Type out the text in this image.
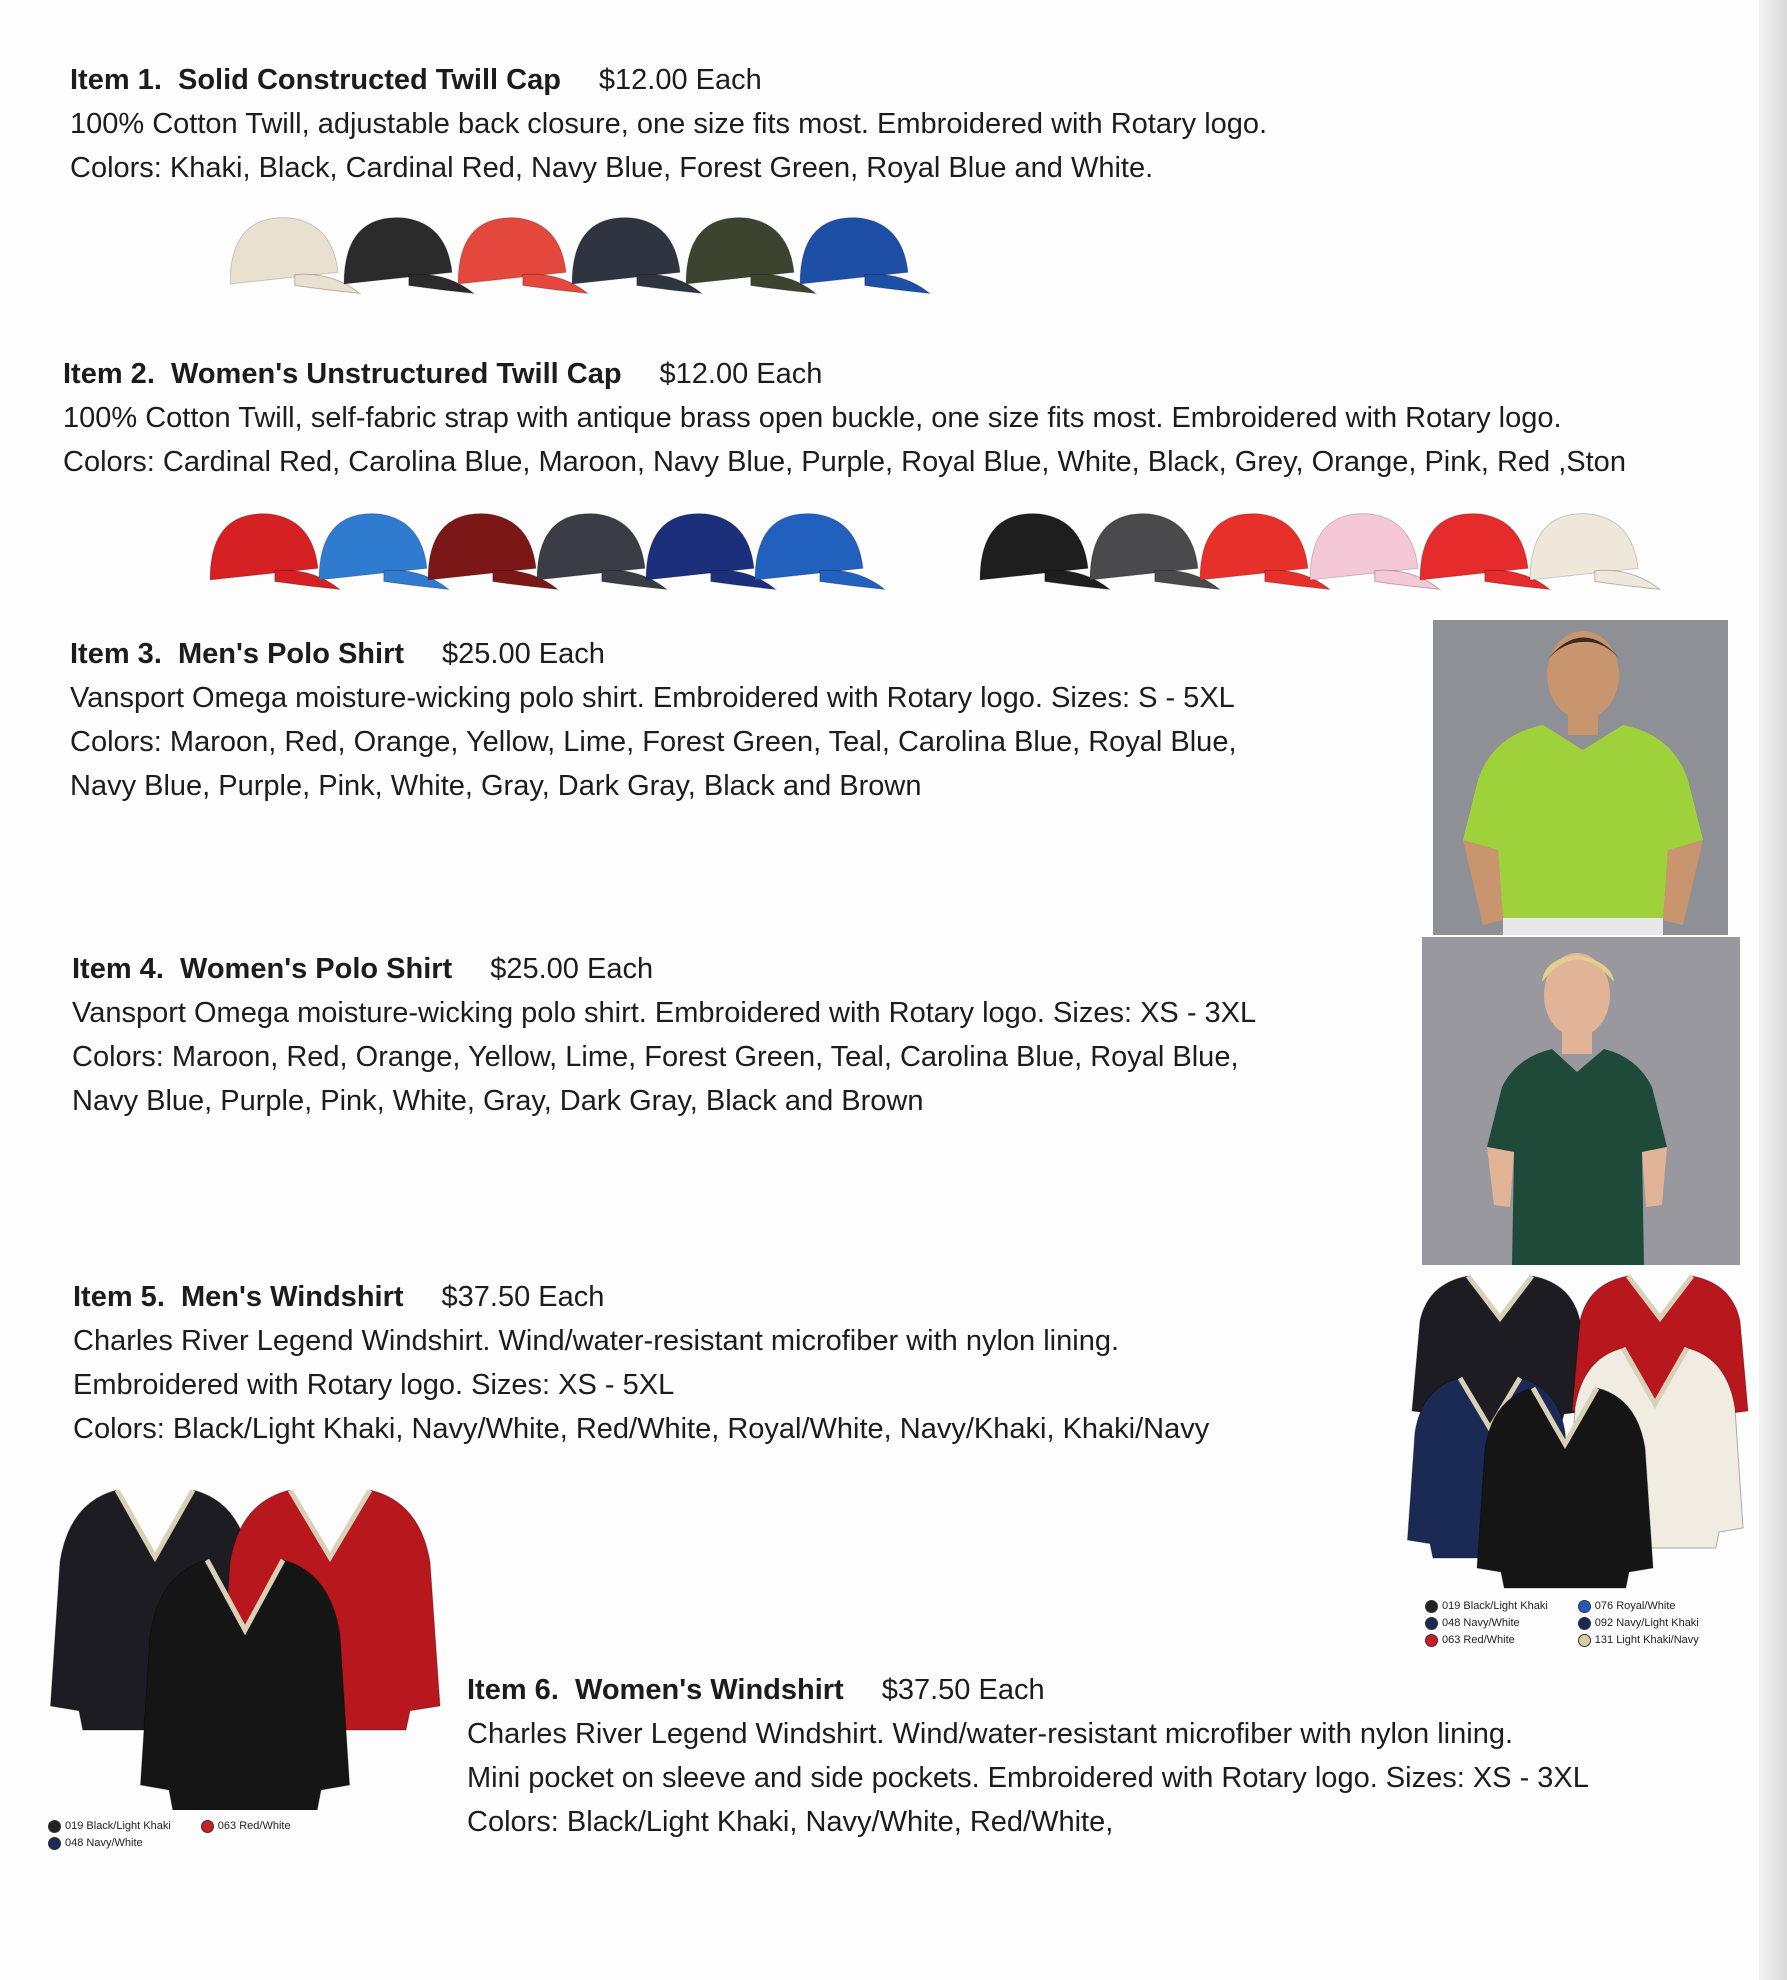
Item 1. Solid Constructed Twill Cap $12.00 Each
100% Cotton Twill, adjustable back closure, one size fits most. Embroidered with Rotary logo.
Colors: Khaki, Black, Cardinal Red, Navy Blue, Forest Green, Royal Blue and White.
Item 2. Women's Unstructured Twill Cap $12.00 Each
100% Cotton Twill, self-fabric strap with antique brass open buckle, one size fits most. Embroidered with Rotary logo.
Colors: Cardinal Red, Carolina Blue, Maroon, Navy Blue, Purple, Royal Blue, White, Black, Grey, Orange, Pink, Red ,Ston
Item 3. Men's Polo Shirt $25.00 Each
Vansport Omega moisture-wicking polo shirt. Embroidered with Rotary logo. Sizes: S - 5XL
Colors: Maroon, Red, Orange, Yellow, Lime, Forest Green, Teal, Carolina Blue, Royal Blue,
Navy Blue, Purple, Pink, White, Gray, Dark Gray, Black and Brown
Item 4. Women's Polo Shirt $25.00 Each
Vansport Omega moisture-wicking polo shirt. Embroidered with Rotary logo. Sizes: XS - 3XL
Colors: Maroon, Red, Orange, Yellow, Lime, Forest Green, Teal, Carolina Blue, Royal Blue,
Navy Blue, Purple, Pink, White, Gray, Dark Gray, Black and Brown
Item 5. Men's Windshirt $37.50 Each
Charles River Legend Windshirt. Wind/water-resistant microfiber with nylon lining.
Embroidered with Rotary logo. Sizes: XS - 5XL
Colors: Black/Light Khaki, Navy/White, Red/White, Royal/White, Navy/Khaki, Khaki/Navy
019 Black/Light Khaki
048 Navy/White
063 Red/White
076 Royal/White
092 Navy/Light Khaki
131 Light Khaki/Navy
019 Black/Light Khaki
048 Navy/White
063 Red/White
Item 6. Women's Windshirt $37.50 Each
Charles River Legend Windshirt. Wind/water-resistant microfiber with nylon lining.
Mini pocket on sleeve and side pockets. Embroidered with Rotary logo. Sizes: XS - 3XL
Colors: Black/Light Khaki, Navy/White, Red/White,
